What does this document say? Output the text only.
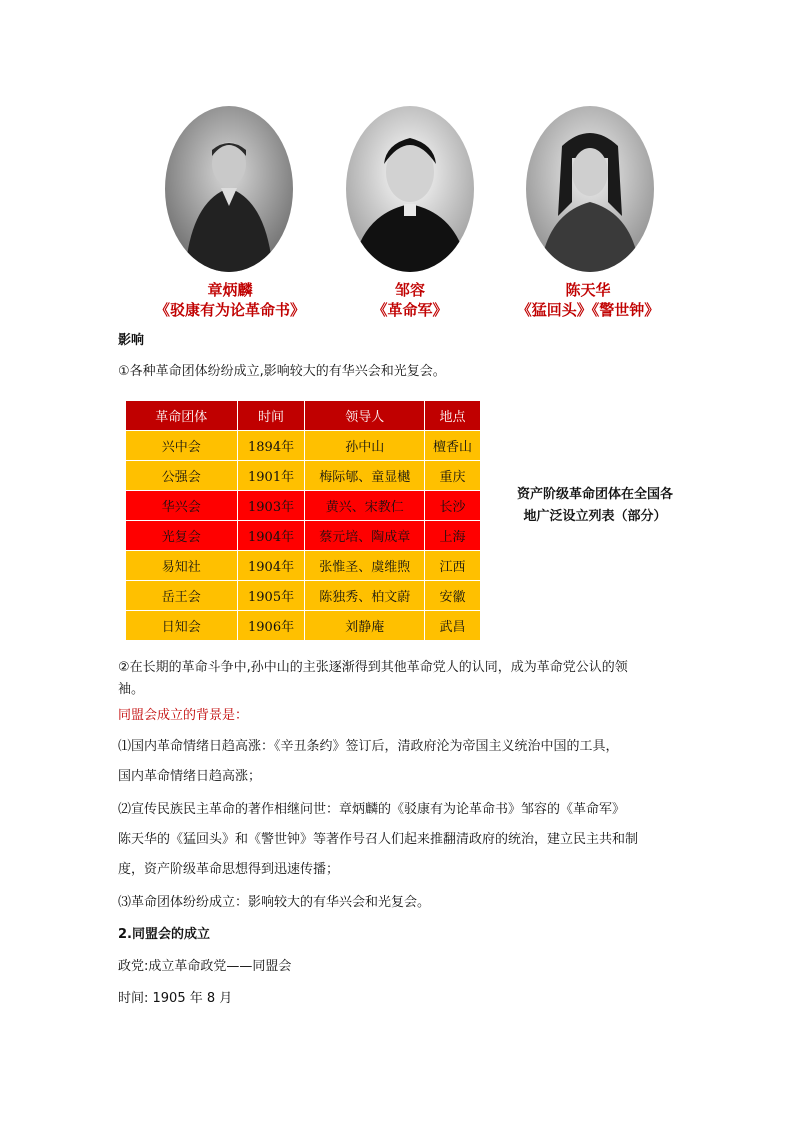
章炳麟
《驳康有为论革命书》
邹容
《革命军》
陈天华
《猛回头》《警世钟》
影响
①各种革命团体纷纷成立,影响较大的有华兴会和光复会。
革命团体	时间	领导人	地点
兴中会	1894年	孙中山	檀香山
公强会	1901年	梅际郇、童显樾	重庆
华兴会	1903年	黄兴、宋教仁	长沙
光复会	1904年	蔡元培、陶成章	上海
易知社	1904年	张惟圣、虞维煦	江西
岳王会	1905年	陈独秀、柏文蔚	安徽
日知会	1906年	刘静庵	武昌
资产阶级革命团体在全国各
地广泛设立列表（部分）
②在长期的革命斗争中,孙中山的主张逐渐得到其他革命党人的认同，成为革命党公认的领
袖。
同盟会成立的背景是：
⑴国内革命情绪日趋高涨：《辛丑条约》签订后，清政府沦为帝国主义统治中国的工具，
国内革命情绪日趋高涨；
⑵宣传民族民主革命的著作相继问世：章炳麟的《驳康有为论革命书》邹容的《革命军》
陈天华的《猛回头》和《警世钟》等著作号召人们起来推翻清政府的统治，建立民主共和制
度，资产阶级革命思想得到迅速传播；
⑶革命团体纷纷成立：影响较大的有华兴会和光复会。
2.同盟会的成立
政党:成立革命政党——同盟会
时间: 1905 年 8 月
